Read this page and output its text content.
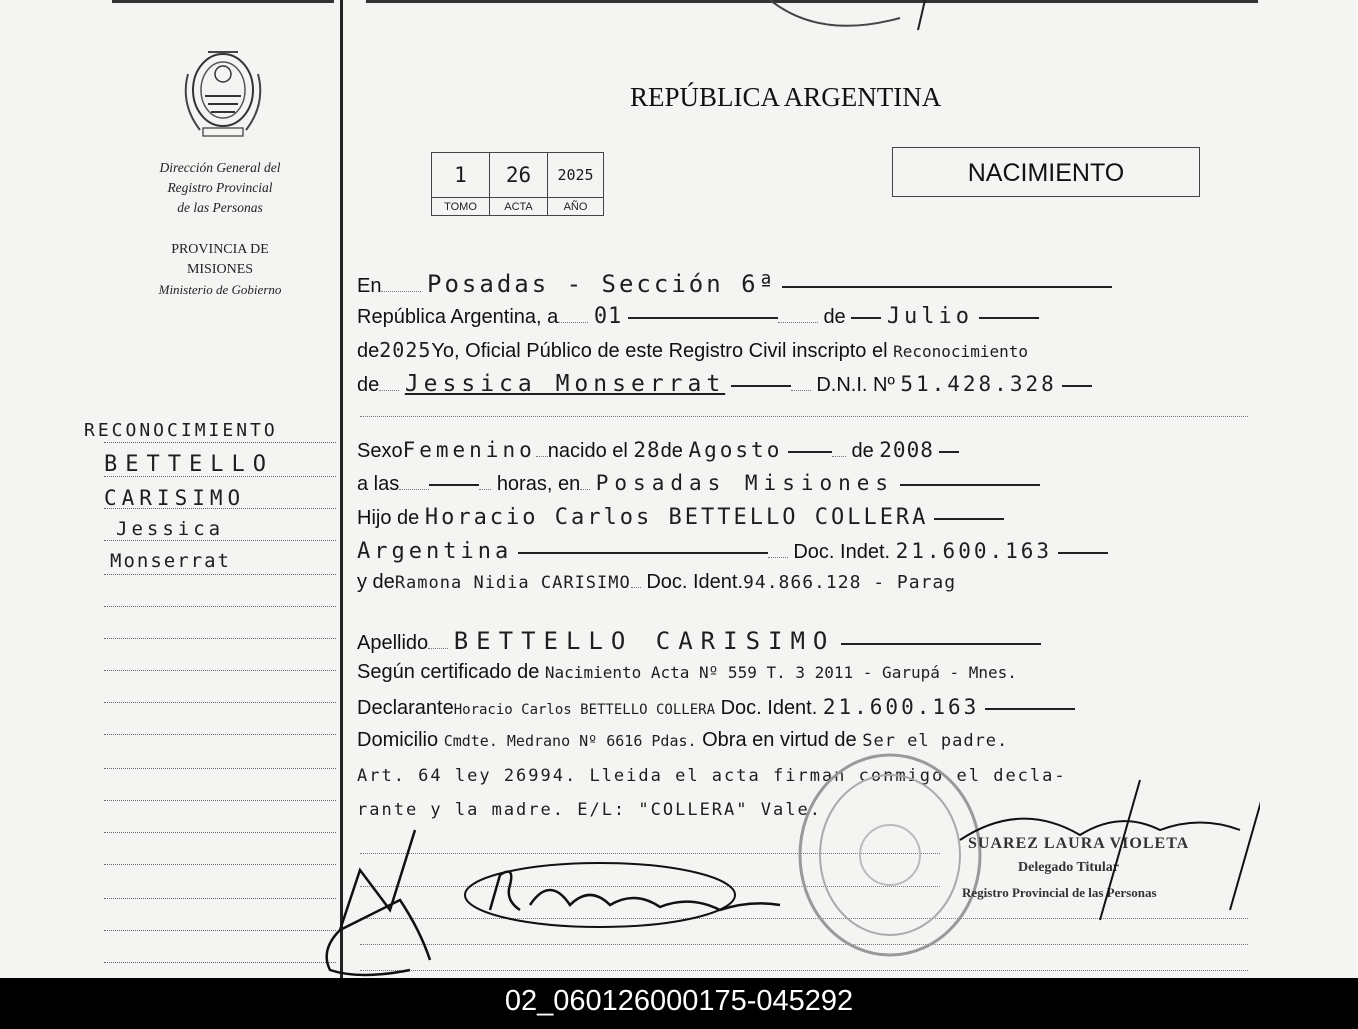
Dirección General del
Registro Provincial
de las Personas
PROVINCIA DE
MISIONES
Ministerio de Gobierno
REPÚBLICA ARGENTINA
NACIMIENTO
1	26	2025
TOMO	ACTA	AÑO
RECONOCIMIENTO
BETTELLO
CARISIMO
Jessica
Monserrat
En Posadas - Sección 6ª
República Argentina, a 01	de Julio
de2025Yo, Oficial Público de este Registro Civil inscripto el Reconocimiento
de Jessica Monserrat	D.N.I. Nº 51.428.328
SexoFemenino nacido el 28de Agosto	de 2008
a las	horas, en Posadas Misiones
Hijo de Horacio Carlos BETTELLO COLLERA
Argentina	Doc. Indet. 21.600.163
y deRamona Nidia CARISIMO Doc. Ident.94.866.128 - Parag
Apellido BETTELLO CARISIMO
Según certificado de Nacimiento Acta Nº 559 T. 3 2011 - Garupá - Mnes.
DeclaranteHoracio Carlos BETTELLO COLLERA Doc. Ident. 21.600.163
Domicilio Cmdte. Medrano Nº 6616 Pdas. Obra en virtud de Ser el padre.
Art. 64 ley 26994. Lleida el acta firman conmigo el decla-
rante y la madre. E/L: "COLLERA" Vale.
SUAREZ LAURA VIOLETA
Delegado Titular
Registro Provincial de las Personas
02_060126000175-045292
